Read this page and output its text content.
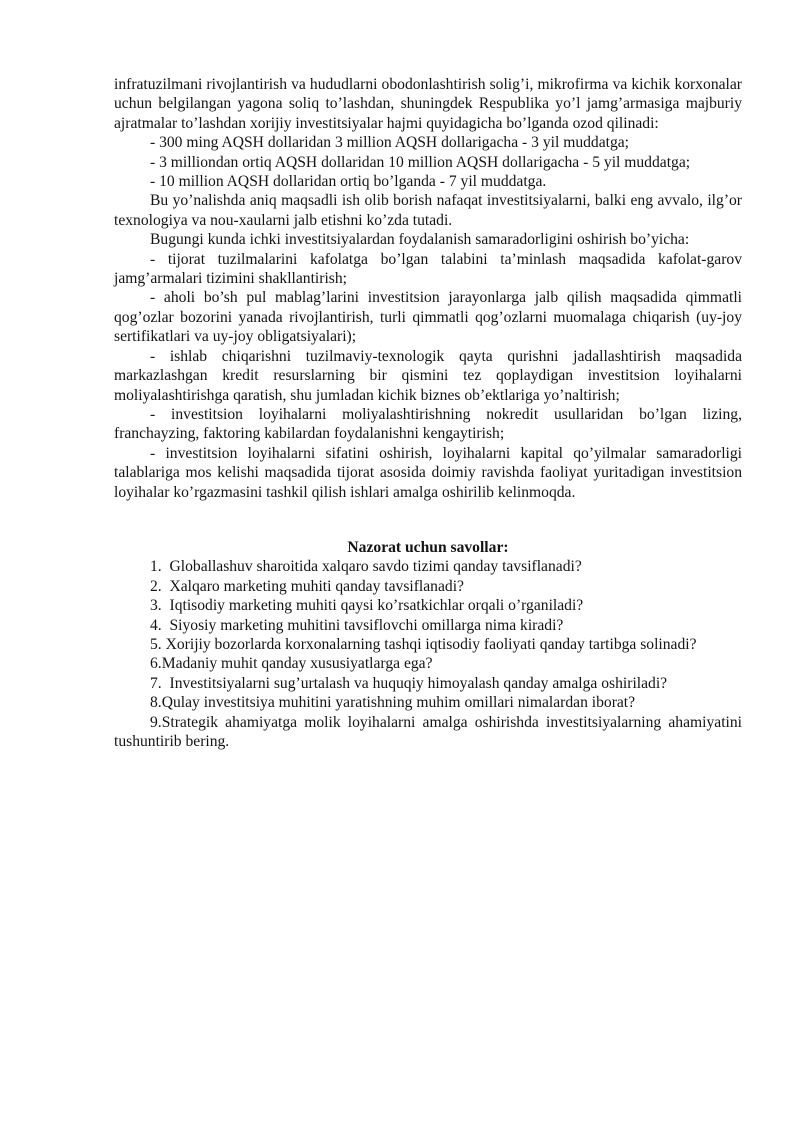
infratuzilmani rivojlantirish va hududlarni obodonlashtirish solig’i, mikrofirma va kichik korxonalar uchun belgilangan yagona soliq to’lashdan, shuningdek Respublika yo’l jamg’armasiga majburiy ajratmalar to’lashdan xorijiy investitsiyalar hajmi quyidagicha bo’lganda ozod qilinadi:

- 300 ming AQSH dollaridan 3 million AQSH dollarigacha - 3 yil muddatga;

- 3 milliondan ortiq AQSH dollaridan 10 million AQSH dollarigacha - 5 yil muddatga;

- 10 million AQSH dollaridan ortiq bo’lganda - 7 yil muddatga.

Bu yo’nalishda aniq maqsadli ish olib borish nafaqat investitsiyalarni, balki eng avvalo, ilg’or texnologiya va nou-xaularni jalb etishni ko’zda tutadi.

Bugungi kunda ichki investitsiyalardan foydalanish samaradorligini oshirish bo’yicha:

- tijorat tuzilmalarini kafolatga bo’lgan talabini ta’minlash maqsadida kafolat-garov jamg’armalari tizimini shakllantirish;

- aholi bo’sh pul mablag’larini investitsion jarayonlarga jalb qilish maqsadida qimmatli qog’ozlar bozorini yanada rivojlantirish, turli qimmatli qog’ozlarni muomalaga chiqarish (uy-joy sertifikatlari va uy-joy obligatsiyalari);

- ishlab chiqarishni tuzilmaviy-texnologik qayta qurishni jadallashtirish maqsadida markazlashgan kredit resurslarning bir qismini tez qoplaydigan investitsion loyihalarni moliyalashtirishga qaratish, shu jumladan kichik biznes ob’ektlariga yo’naltirish;

- investitsion loyihalarni moliyalashtirishning nokredit usullaridan bo’lgan lizing, franchayzing, faktoring kabilardan foydalanishni kengaytirish;

- investitsion loyihalarni sifatini oshirish, loyihalarni kapital qo’yilmalar samaradorligi talablariga mos kelishi maqsadida tijorat asosida doimiy ravishda faoliyat yuritadigan investitsion loyihalar ko’rgazmasini tashkil qilish ishlari amalga oshirilib kelinmoqda.

Nazorat uchun savollar:

1. Globallashuv sharoitida xalqaro savdo tizimi qanday tavsiflanadi?

2. Xalqaro marketing muhiti qanday tavsiflanadi?

3. Iqtisodiy marketing muhiti qaysi ko’rsatkichlar orqali o’rganiladi?

4. Siyosiy marketing muhitini tavsiflovchi omillarga nima kiradi?

5. Xorijiy bozorlarda korxonalarning tashqi iqtisodiy faoliyati qanday tartibga solinadi?

6.Madaniy muhit qanday xususiyatlarga ega?

7. Investitsiyalarni sug’urtalash va huquqiy himoyalash qanday amalga oshiriladi?

8.Qulay investitsiya muhitini yaratishning muhim omillari nimalardan iborat?

9.Strategik ahamiyatga molik loyihalarni amalga oshirishda investitsiyalarning ahamiyatini tushuntirib bering.
